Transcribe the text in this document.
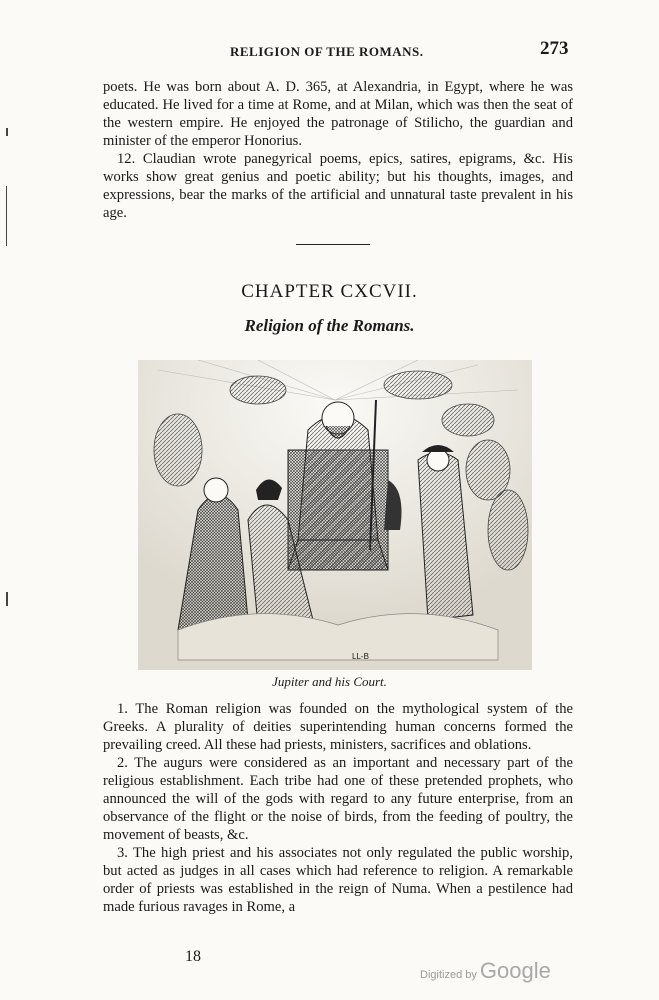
RELIGION OF THE ROMANS.	273

poets. He was born about A. D. 365, at Alexandria, in Egypt, where he was educated. He lived for a time at Rome, and at Milan, which was then the seat of the western empire. He enjoyed the patronage of Stilicho, the guardian and minister of the emperor Honorius.

12. Claudian wrote panegyrical poems, epics, satires, epigrams, &c. His works show great genius and poetic ability; but his thoughts, images, and expressions, bear the marks of the artificial and unnatural taste prevalent in his age.

CHAPTER CXCVII.
Religion of the Romans.
LL-B
Jupiter and his Court.

1. The Roman religion was founded on the mythological system of the Greeks. A plurality of deities superintending human concerns formed the prevailing creed. All these had priests, ministers, sacrifices and oblations.

2. The augurs were considered as an important and necessary part of the religious establishment. Each tribe had one of these pretended prophets, who announced the will of the gods with regard to any future enterprise, from an observance of the flight or the noise of birds, from the feeding of poultry, the movement of beasts, &c.

3. The high priest and his associates not only regulated the public worship, but acted as judges in all cases which had reference to religion. A remarkable order of priests was established in the reign of Numa. When a pestilence had made furious ravages in Rome, a

18
Digitized by Google
